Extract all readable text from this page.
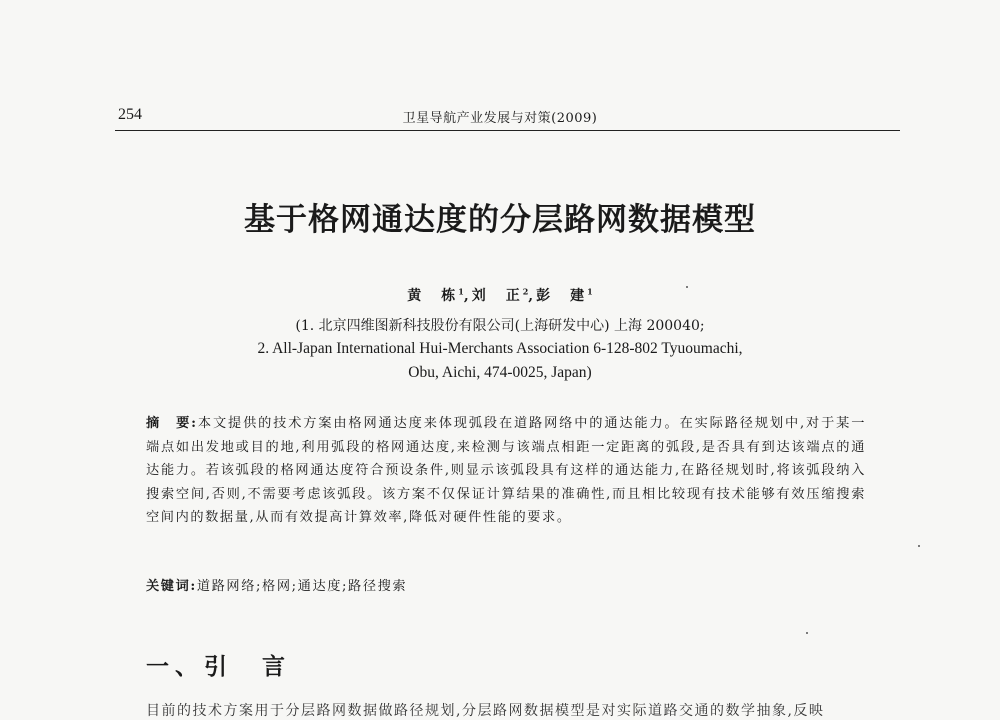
254	卫星导航产业发展与对策(2009)
基于格网通达度的分层路网数据模型
黄　栋$^1$,刘　正$^2$,彭　建$^1$
(1. 北京四维图新科技股份有限公司(上海研发中心) 上海 200040;
2. All-Japan International Hui-Merchants Association 6-128-802 Tyuoumachi,
Obu, Aichi, 474-0025, Japan)
摘　要:本文提供的技术方案由格网通达度来体现弧段在道路网络中的通达能力。在实际路径规划中,对于某一端点如出发地或目的地,利用弧段的格网通达度,来检测与该端点相距一定距离的弧段,是否具有到达该端点的通达能力。若该弧段的格网通达度符合预设条件,则显示该弧段具有这样的通达能力,在路径规划时,将该弧段纳入搜索空间,否则,不需要考虑该弧段。该方案不仅保证计算结果的准确性,而且相比较现有技术能够有效压缩搜索空间内的数据量,从而有效提高计算效率,降低对硬件性能的要求。
关键词:道路网络;格网;通达度;路径搜索
一、引　言
目前的技术方案用于分层路网数据做路径规划,分层路网数据模型是对实际道路交通的数学抽象,反映
